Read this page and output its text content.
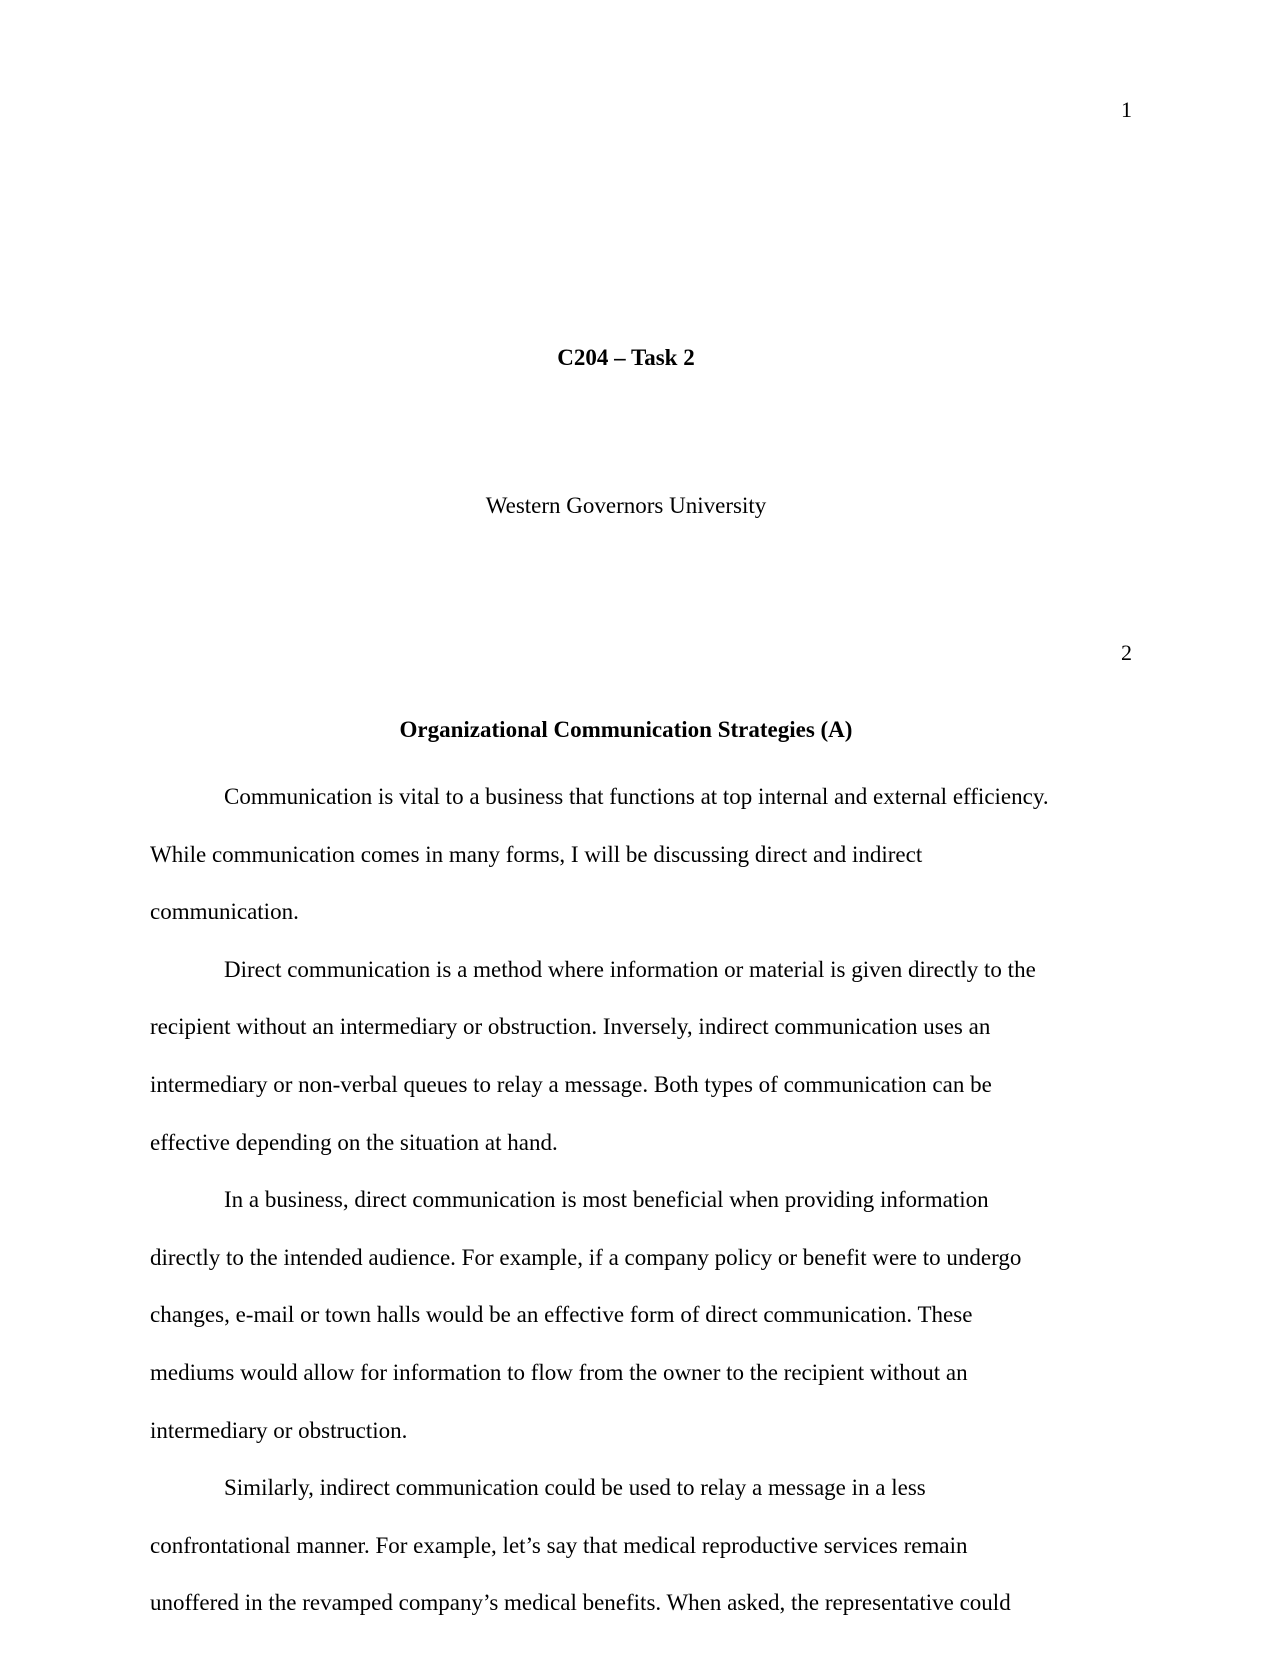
1
C204 – Task 2

Western Governors University

2
Organizational Communication Strategies (A)
Communication is vital to a business that functions at top internal and external efficiency.
While communication comes in many forms, I will be discussing direct and indirect
communication.
Direct communication is a method where information or material is given directly to the
recipient without an intermediary or obstruction. Inversely, indirect communication uses an
intermediary or non-verbal queues to relay a message. Both types of communication can be
effective depending on the situation at hand.
In a business, direct communication is most beneficial when providing information
directly to the intended audience. For example, if a company policy or benefit were to undergo
changes, e-mail or town halls would be an effective form of direct communication. These
mediums would allow for information to flow from the owner to the recipient without an
intermediary or obstruction.
Similarly, indirect communication could be used to relay a message in a less
confrontational manner. For example, let’s say that medical reproductive services remain
unoffered in the revamped company’s medical benefits. When asked, the representative could
